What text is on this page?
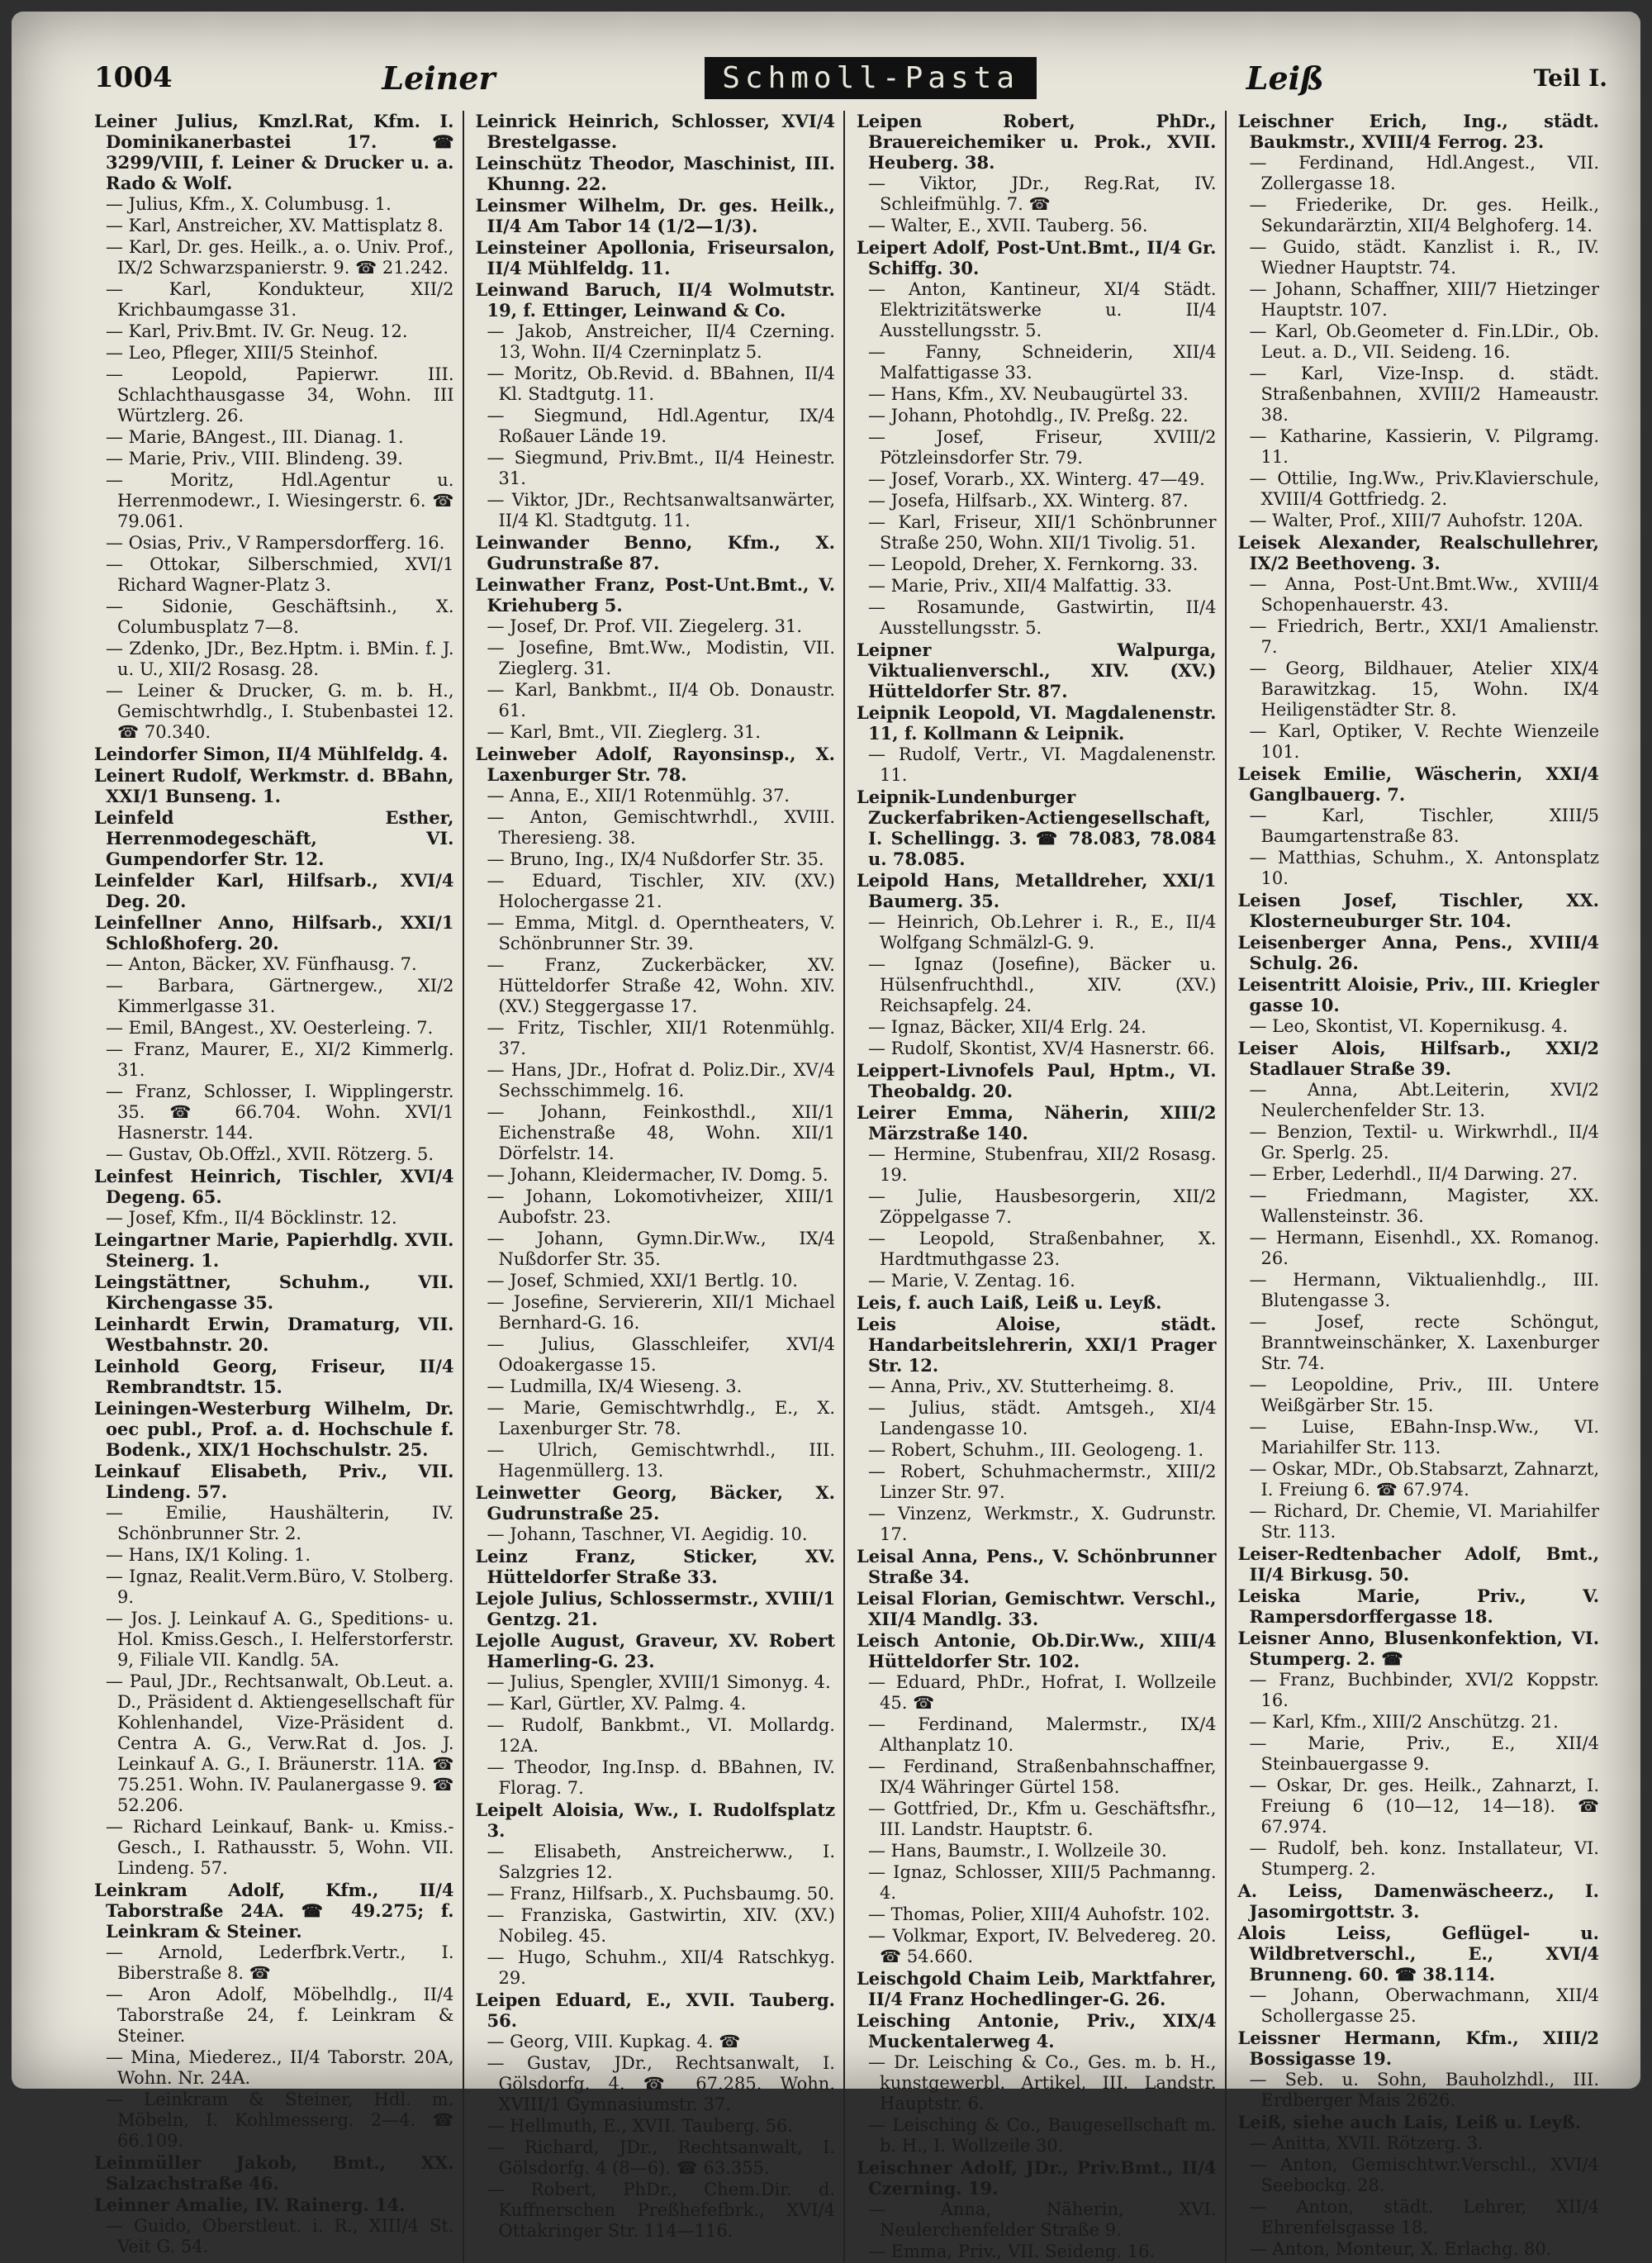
1004	Leiner	Schmoll-Pasta	Leiß	Teil I.
Leiner Julius, Kmzl.Rat, Kfm. I. Dominikanerbastei 17. ☎ 3299/VIII, f. Leiner & Drucker u. a. Rado & Wolf.
— Julius, Kfm., X. Columbusg. 1.
— Karl, Anstreicher, XV. Mattisplatz 8.
— Karl, Dr. ges. Heilk., a. o. Univ. Prof., IX/2 Schwarzspanierstr. 9. ☎ 21.242.
— Karl, Kondukteur, XII/2 Krichbaumgasse 31.
— Karl, Priv.Bmt. IV. Gr. Neug. 12.
— Leo, Pfleger, XIII/5 Steinhof.
— Leopold, Papierwr. III. Schlachthausgasse 34, Wohn. III Würtzlerg. 26.
— Marie, BAngest., III. Dianag. 1.
— Marie, Priv., VIII. Blindeng. 39.
— Moritz, Hdl.Agentur u. Herrenmodewr., I. Wiesingerstr. 6. ☎ 79.061.
— Osias, Priv., V Rampersdorfferg. 16.
— Ottokar, Silberschmied, XVI/1 Richard Wagner-Platz 3.
— Sidonie, Geschäftsinh., X. Columbusplatz 7—8.
— Zdenko, JDr., Bez.Hptm. i. BMin. f. J. u. U., XII/2 Rosasg. 28.
— Leiner & Drucker, G. m. b. H., Gemischtwrhdlg., I. Stubenbastei 12. ☎ 70.340.
Leindorfer Simon, II/4 Mühlfeldg. 4.
Leinert Rudolf, Werkmstr. d. BBahn, XXI/1 Bunseng. 1.
Leinfeld Esther, Herrenmodegeschäft, VI. Gumpendorfer Str. 12.
Leinfelder Karl, Hilfsarb., XVI/4 Deg. 20.
Leinfellner Anno, Hilfsarb., XXI/1 Schloßhoferg. 20.
— Anton, Bäcker, XV. Fünfhausg. 7.
— Barbara, Gärtnergew., XI/2 Kimmerlgasse 31.
— Emil, BAngest., XV. Oesterleing. 7.
— Franz, Maurer, E., XI/2 Kimmerlg. 31.
— Franz, Schlosser, I. Wipplingerstr. 35. ☎ 66.704. Wohn. XVI/1 Hasnerstr. 144.
— Gustav, Ob.Offzl., XVII. Rötzerg. 5.
Leinfest Heinrich, Tischler, XVI/4 Degeng. 65.
— Josef, Kfm., II/4 Böcklinstr. 12.
Leingartner Marie, Papierhdlg. XVII. Steinerg. 1.
Leingstättner, Schuhm., VII. Kirchengasse 35.
Leinhardt Erwin, Dramaturg, VII. Westbahnstr. 20.
Leinhold Georg, Friseur, II/4 Rembrandtstr. 15.
Leiningen-Westerburg Wilhelm, Dr. oec publ., Prof. a. d. Hochschule f. Bodenk., XIX/1 Hochschulstr. 25.
Leinkauf Elisabeth, Priv., VII. Lindeng. 57.
— Emilie, Haushälterin, IV. Schönbrunner Str. 2.
— Hans, IX/1 Koling. 1.
— Ignaz, Realit.Verm.Büro, V. Stolberg. 9.
— Jos. J. Leinkauf A. G., Speditions- u. Hol. Kmiss.Gesch., I. Helferstorferstr. 9, Filiale VII. Kandlg. 5A.
— Paul, JDr., Rechtsanwalt, Ob.Leut. a. D., Präsident d. Aktiengesellschaft für Kohlenhandel, Vize-Präsident d. Centra A. G., Verw.Rat d. Jos. J. Leinkauf A. G., I. Bräunerstr. 11A. ☎ 75.251. Wohn. IV. Paulanergasse 9. ☎ 52.206.
— Richard Leinkauf, Bank- u. Kmiss.-Gesch., I. Rathausstr. 5, Wohn. VII. Lindeng. 57.
Leinkram Adolf, Kfm., II/4 Taborstraße 24A. ☎ 49.275; f. Leinkram & Steiner.
— Arnold, Lederfbrk.Vertr., I. Biberstraße 8. ☎
— Aron Adolf, Möbelhdlg., II/4 Taborstraße 24, f. Leinkram & Steiner.
— Mina, Miederez., II/4 Taborstr. 20A, Wohn. Nr. 24A.
— Leinkram & Steiner, Hdl. m. Möbeln, I. Kohlmesserg. 2—4. ☎ 66.109.
Leinmüller Jakob, Bmt., XX. Salzachstraße 46.
Leinner Amalie, IV. Rainerg. 14.
— Guido, Oberstleut. i. R., XIII/4 St. Veit G. 54.
Leinrick Heinrich, Schlosser, XVI/4 Brestelgasse.
Leinschütz Theodor, Maschinist, III. Khunng. 22.
Leinsmer Wilhelm, Dr. ges. Heilk., II/4 Am Tabor 14 (1/2—1/3).
Leinsteiner Apollonia, Friseursalon, II/4 Mühlfeldg. 11.
Leinwand Baruch, II/4 Wolmutstr. 19, f. Ettinger, Leinwand & Co.
— Jakob, Anstreicher, II/4 Czerning. 13, Wohn. II/4 Czerninplatz 5.
— Moritz, Ob.Revid. d. BBahnen, II/4 Kl. Stadtgutg. 11.
— Siegmund, Hdl.Agentur, IX/4 Roßauer Lände 19.
— Siegmund, Priv.Bmt., II/4 Heinestr. 31.
— Viktor, JDr., Rechtsanwaltsanwärter, II/4 Kl. Stadtgutg. 11.
Leinwander Benno, Kfm., X. Gudrunstraße 87.
Leinwather Franz, Post-Unt.Bmt., V. Kriehuberg 5.
— Josef, Dr. Prof. VII. Ziegelerg. 31.
— Josefine, Bmt.Ww., Modistin, VII. Zieglerg. 31.
— Karl, Bankbmt., II/4 Ob. Donaustr. 61.
— Karl, Bmt., VII. Zieglerg. 31.
Leinweber Adolf, Rayonsinsp., X. Laxenburger Str. 78.
— Anna, E., XII/1 Rotenmühlg. 37.
— Anton, Gemischtwrhdl., XVIII. Theresieng. 38.
— Bruno, Ing., IX/4 Nußdorfer Str. 35.
— Eduard, Tischler, XIV. (XV.) Holochergasse 21.
— Emma, Mitgl. d. Operntheaters, V. Schönbrunner Str. 39.
— Franz, Zuckerbäcker, XV. Hütteldorfer Straße 42, Wohn. XIV. (XV.) Steggergasse 17.
— Fritz, Tischler, XII/1 Rotenmühlg. 37.
— Hans, JDr., Hofrat d. Poliz.Dir., XV/4 Sechsschimmelg. 16.
— Johann, Feinkosthdl., XII/1 Eichenstraße 48, Wohn. XII/1 Dörfelstr. 14.
— Johann, Kleidermacher, IV. Domg. 5.
— Johann, Lokomotivheizer, XIII/1 Aubofstr. 23.
— Johann, Gymn.Dir.Ww., IX/4 Nußdorfer Str. 35.
— Josef, Schmied, XXI/1 Bertlg. 10.
— Josefine, Serviererin, XII/1 Michael Bernhard-G. 16.
— Julius, Glasschleifer, XVI/4 Odoakergasse 15.
— Ludmilla, IX/4 Wieseng. 3.
— Marie, Gemischtwrhdlg., E., X. Laxenburger Str. 78.
— Ulrich, Gemischtwrhdl., III. Hagenmüllerg. 13.
Leinwetter Georg, Bäcker, X. Gudrunstraße 25.
— Johann, Taschner, VI. Aegidig. 10.
Leinz Franz, Sticker, XV. Hütteldorfer Straße 33.
Lejole Julius, Schlossermstr., XVIII/1 Gentzg. 21.
Lejolle August, Graveur, XV. Robert Hamerling-G. 23.
— Julius, Spengler, XVIII/1 Simonyg. 4.
— Karl, Gürtler, XV. Palmg. 4.
— Rudolf, Bankbmt., VI. Mollardg. 12A.
— Theodor, Ing.Insp. d. BBahnen, IV. Florag. 7.
Leipelt Aloisia, Ww., I. Rudolfsplatz 3.
— Elisabeth, Anstreicherww., I. Salzgries 12.
— Franz, Hilfsarb., X. Puchsbaumg. 50.
— Franziska, Gastwirtin, XIV. (XV.) Nobileg. 45.
— Hugo, Schuhm., XII/4 Ratschkyg. 29.
Leipen Eduard, E., XVII. Tauberg. 56.
— Georg, VIII. Kupkag. 4. ☎
— Gustav, JDr., Rechtsanwalt, I. Gölsdorfg. 4. ☎ 67.285. Wohn. XVIII/1 Gymnasiumstr. 37.
— Hellmuth, E., XVII. Tauberg. 56.
— Richard, JDr., Rechtsanwalt, I. Gölsdorfg. 4 (8—6). ☎ 63.355.
— Robert, PhDr., Chem.Dir. d. Kuffnerschen Preßhefefbrk., XVI/4 Ottakringer Str. 114—116.
Leipen Robert, PhDr., Brauereichemiker u. Prok., XVII. Heuberg. 38.
— Viktor, JDr., Reg.Rat, IV. Schleifmühlg. 7. ☎
— Walter, E., XVII. Tauberg. 56.
Leipert Adolf, Post-Unt.Bmt., II/4 Gr. Schiffg. 30.
— Anton, Kantineur, XI/4 Städt. Elektrizitätswerke u. II/4 Ausstellungsstr. 5.
— Fanny, Schneiderin, XII/4 Malfattigasse 33.
— Hans, Kfm., XV. Neubaugürtel 33.
— Johann, Photohdlg., IV. Preßg. 22.
— Josef, Friseur, XVIII/2 Pötzleinsdorfer Str. 79.
— Josef, Vorarb., XX. Winterg. 47—49.
— Josefa, Hilfsarb., XX. Winterg. 87.
— Karl, Friseur, XII/1 Schönbrunner Straße 250, Wohn. XII/1 Tivolig. 51.
— Leopold, Dreher, X. Fernkorng. 33.
— Marie, Priv., XII/4 Malfattig. 33.
— Rosamunde, Gastwirtin, II/4 Ausstellungsstr. 5.
Leipner Walpurga, Viktualienverschl., XIV. (XV.) Hütteldorfer Str. 87.
Leipnik Leopold, VI. Magdalenenstr. 11, f. Kollmann & Leipnik.
— Rudolf, Vertr., VI. Magdalenenstr. 11.
Leipnik-Lundenburger Zuckerfabriken-Actiengesellschaft, I. Schellingg. 3. ☎ 78.083, 78.084 u. 78.085.
Leipold Hans, Metalldreher, XXI/1 Baumerg. 35.
— Heinrich, Ob.Lehrer i. R., E., II/4 Wolfgang Schmälzl-G. 9.
— Ignaz (Josefine), Bäcker u. Hülsenfruchthdl., XIV. (XV.) Reichsapfelg. 24.
— Ignaz, Bäcker, XII/4 Erlg. 24.
— Rudolf, Skontist, XV/4 Hasnerstr. 66.
Leippert-Livnofels Paul, Hptm., VI. Theobaldg. 20.
Leirer Emma, Näherin, XIII/2 Märzstraße 140.
— Hermine, Stubenfrau, XII/2 Rosasg. 19.
— Julie, Hausbesorgerin, XII/2 Zöppelgasse 7.
— Leopold, Straßenbahner, X. Hardtmuthgasse 23.
— Marie, V. Zentag. 16.
Leis, f. auch Laiß, Leiß u. Leyß.
Leis Aloise, städt. Handarbeitslehrerin, XXI/1 Prager Str. 12.
— Anna, Priv., XV. Stutterheimg. 8.
— Julius, städt. Amtsgeh., XI/4 Landengasse 10.
— Robert, Schuhm., III. Geologeng. 1.
— Robert, Schuhmachermstr., XIII/2 Linzer Str. 97.
— Vinzenz, Werkmstr., X. Gudrunstr. 17.
Leisal Anna, Pens., V. Schönbrunner Straße 34.
Leisal Florian, Gemischtwr. Verschl., XII/4 Mandlg. 33.
Leisch Antonie, Ob.Dir.Ww., XIII/4 Hütteldorfer Str. 102.
— Eduard, PhDr., Hofrat, I. Wollzeile 45. ☎
— Ferdinand, Malermstr., IX/4 Althanplatz 10.
— Ferdinand, Straßenbahnschaffner, IX/4 Währinger Gürtel 158.
— Gottfried, Dr., Kfm u. Geschäftsfhr., III. Landstr. Hauptstr. 6.
— Hans, Baumstr., I. Wollzeile 30.
— Ignaz, Schlosser, XIII/5 Pachmanng. 4.
— Thomas, Polier, XIII/4 Auhofstr. 102.
— Volkmar, Export, IV. Belvedereg. 20. ☎ 54.660.
Leischgold Chaim Leib, Marktfahrer, II/4 Franz Hochedlinger-G. 26.
Leisching Antonie, Priv., XIX/4 Muckentalerweg 4.
— Dr. Leisching & Co., Ges. m. b. H., kunstgewerbl. Artikel, III. Landstr. Hauptstr. 6.
— Leisching & Co., Baugesellschaft m. b. H., I. Wollzeile 30.
Leischner Adolf, JDr., Priv.Bmt., II/4 Czerning. 19.
— Anna, Näherin, XVI. Neulerchenfelder Straße 9.
— Emma, Priv., VII. Seideng. 16.
Leischner Erich, Ing., städt. Baukmstr., XVIII/4 Ferrog. 23.
— Ferdinand, Hdl.Angest., VII. Zollergasse 18.
— Friederike, Dr. ges. Heilk., Sekundarärztin, XII/4 Belghoferg. 14.
— Guido, städt. Kanzlist i. R., IV. Wiedner Hauptstr. 74.
— Johann, Schaffner, XIII/7 Hietzinger Hauptstr. 107.
— Karl, Ob.Geometer d. Fin.LDir., Ob. Leut. a. D., VII. Seideng. 16.
— Karl, Vize-Insp. d. städt. Straßenbahnen, XVIII/2 Hameaustr. 38.
— Katharine, Kassierin, V. Pilgramg. 11.
— Ottilie, Ing.Ww., Priv.Klavierschule, XVIII/4 Gottfriedg. 2.
— Walter, Prof., XIII/7 Auhofstr. 120A.
Leisek Alexander, Realschullehrer, IX/2 Beethoveng. 3.
— Anna, Post-Unt.Bmt.Ww., XVIII/4 Schopenhauerstr. 43.
— Friedrich, Bertr., XXI/1 Amalienstr. 7.
— Georg, Bildhauer, Atelier XIX/4 Barawitzkag. 15, Wohn. IX/4 Heiligenstädter Str. 8.
— Karl, Optiker, V. Rechte Wienzeile 101.
Leisek Emilie, Wäscherin, XXI/4 Ganglbauerg. 7.
— Karl, Tischler, XIII/5 Baumgartenstraße 83.
— Matthias, Schuhm., X. Antonsplatz 10.
Leisen Josef, Tischler, XX. Klosterneuburger Str. 104.
Leisenberger Anna, Pens., XVIII/4 Schulg. 26.
Leisentritt Aloisie, Priv., III. Kriegler gasse 10.
— Leo, Skontist, VI. Kopernikusg. 4.
Leiser Alois, Hilfsarb., XXI/2 Stadlauer Straße 39.
— Anna, Abt.Leiterin, XVI/2 Neulerchenfelder Str. 13.
— Benzion, Textil- u. Wirkwrhdl., II/4 Gr. Sperlg. 25.
— Erber, Lederhdl., II/4 Darwing. 27.
— Friedmann, Magister, XX. Wallensteinstr. 36.
— Hermann, Eisenhdl., XX. Romanog. 26.
— Hermann, Viktualienhdlg., III. Blutengasse 3.
— Josef, recte Schöngut, Branntweinschänker, X. Laxenburger Str. 74.
— Leopoldine, Priv., III. Untere Weißgärber Str. 15.
— Luise, EBahn-Insp.Ww., VI. Mariahilfer Str. 113.
— Oskar, MDr., Ob.Stabsarzt, Zahnarzt, I. Freiung 6. ☎ 67.974.
— Richard, Dr. Chemie, VI. Mariahilfer Str. 113.
Leiser-Redtenbacher Adolf, Bmt., II/4 Birkusg. 50.
Leiska Marie, Priv., V. Rampersdorffergasse 18.
Leisner Anno, Blusenkonfektion, VI. Stumperg. 2. ☎
— Franz, Buchbinder, XVI/2 Koppstr. 16.
— Karl, Kfm., XIII/2 Anschützg. 21.
— Marie, Priv., E., XII/4 Steinbauergasse 9.
— Oskar, Dr. ges. Heilk., Zahnarzt, I. Freiung 6 (10—12, 14—18). ☎ 67.974.
— Rudolf, beh. konz. Installateur, VI. Stumperg. 2.
A. Leiss, Damenwäscheerz., I. Jasomirgottstr. 3.
Alois Leiss, Geflügel- u. Wildbretverschl., E., XVI/4 Brunneng. 60. ☎ 38.114.
— Johann, Oberwachmann, XII/4 Schollergasse 25.
Leissner Hermann, Kfm., XIII/2 Bossigasse 19.
— Seb. u. Sohn, Bauholzhdl., III. Erdberger Mais 2626.
Leiß, siehe auch Lais, Leiß u. Leyß.
— Anitta, XVII. Rötzerg. 3.
— Anton, Gemischtwr.Verschl., XVI/4 Seebockg. 28.
— Anton, städt. Lehrer, XII/4 Ehrenfelsgasse 18.
— Anton, Monteur, X. Erlachg. 80.
